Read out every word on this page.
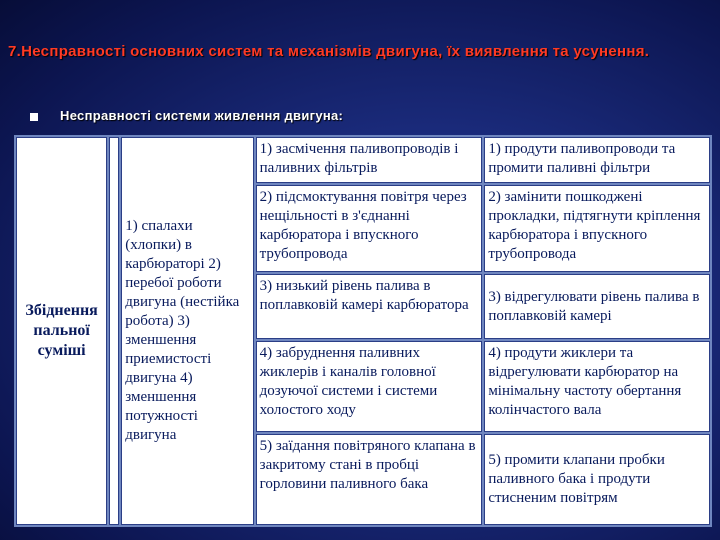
7.Несправності основних систем та механізмів двигуна, їх виявлення та усунення.
Несправності системи живлення двигуна:
Збіднення пальної суміші		1) спалахи (хлопки) в карбюраторі 2) перебої роботи двигуна (нестійка робота) 3) зменшення приемистості двигуна 4) зменшення потужності двигуна	1) засмічення паливопроводів і паливних фільтрів	1) продути паливопроводи та промити паливні фільтри
			2) підсмоктування повітря через нещільності в з'єднанні карбюратора і впускного трубопровода	2) замінити пошкоджені прокладки, підтягнути кріплення карбюратора і впускного трубопровода
			3) низький рівень палива в поплавковій камері карбюратора	3) відрегулювати рівень палива в поплавковій камері
			4) забруднення паливних жиклерів і каналів головної дозуючої системи і системи холостого ходу	4) продути жиклери та відрегулювати карбюратор на мінімальну частоту обертання колінчастого вала
			5) заїдання повітряного клапана в закритому стані в пробці горловини паливного бака	5) промити клапани пробки паливного бака і продути стисненим повітрям
